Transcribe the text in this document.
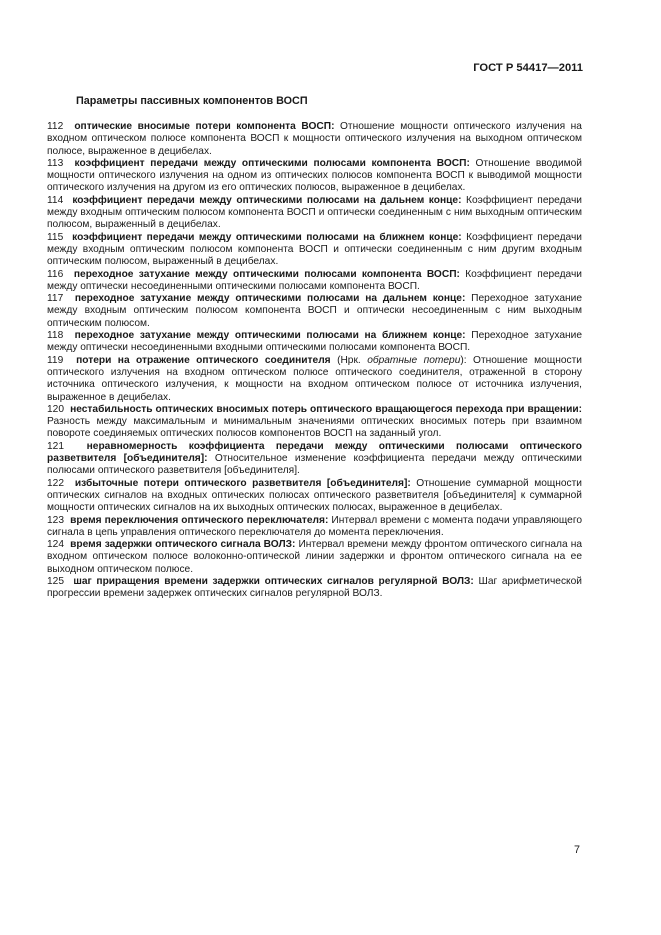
ГОСТ Р 54417—2011
Параметры пассивных компонентов ВОСП

112 оптические вносимые потери компонента ВОСП: Отношение мощности оптического излучения на входном оптическом полюсе компонента ВОСП к мощности оптического излучения на выходном оптическом полюсе, выраженное в децибелах.

113 коэффициент передачи между оптическими полюсами компонента ВОСП: Отношение вводимой мощности оптического излучения на одном из оптических полюсов компонента ВОСП к выводимой мощности оптического излучения на другом из его оптических полюсов, выраженное в децибелах.

114 коэффициент передачи между оптическими полюсами на дальнем конце: Коэффициент передачи между входным оптическим полюсом компонента ВОСП и оптически соединенным с ним выходным оптическим полюсом, выраженный в децибелах.

115 коэффициент передачи между оптическими полюсами на ближнем конце: Коэффициент передачи между входным оптическим полюсом компонента ВОСП и оптически соединенным с ним другим входным оптическим полюсом, выраженный в децибелах.

116 переходное затухание между оптическими полюсами компонента ВОСП: Коэффициент передачи между оптически несоединенными оптическими полюсами компонента ВОСП.

117 переходное затухание между оптическими полюсами на дальнем конце: Переходное затухание между входным оптическим полюсом компонента ВОСП и оптически несоединенным с ним выходным оптическим полюсом.

118 переходное затухание между оптическими полюсами на ближнем конце: Переходное затухание между оптически несоединенными входными оптическими полюсами компонента ВОСП.

119 потери на отражение оптического соединителя (Нрк. обратные потери): Отношение мощности оптического излучения на входном оптическом полюсе оптического соединителя, отраженной в сторону источника оптического излучения, к мощности на входном оптическом полюсе от источника излучения, выраженное в децибелах.

120 нестабильность оптических вносимых потерь оптического вращающегося перехода при вращении: Разность между максимальным и минимальным значениями оптических вносимых потерь при взаимном повороте соединяемых оптических полюсов компонентов ВОСП на заданный угол.

121 неравномерность коэффициента передачи между оптическими полюсами оптического разветвителя [объединителя]: Относительное изменение коэффициента передачи между оптическими полюсами оптического разветвителя [объединителя].

122 избыточные потери оптического разветвителя [объединителя]: Отношение суммарной мощности оптических сигналов на входных оптических полюсах оптического разветвителя [объединителя] к суммарной мощности оптических сигналов на их выходных оптических полюсах, выраженное в децибелах.

123 время переключения оптического переключателя: Интервал времени с момента подачи управляющего сигнала в цепь управления оптического переключателя до момента переключения.

124 время задержки оптического сигнала ВОЛЗ: Интервал времени между фронтом оптического сигнала на входном оптическом полюсе волоконно-оптической линии задержки и фронтом оптического сигнала на ее выходном оптическом полюсе.

125 шаг приращения времени задержки оптических сигналов регулярной ВОЛЗ: Шаг арифметической прогрессии времени задержек оптических сигналов регулярной ВОЛЗ.

7
